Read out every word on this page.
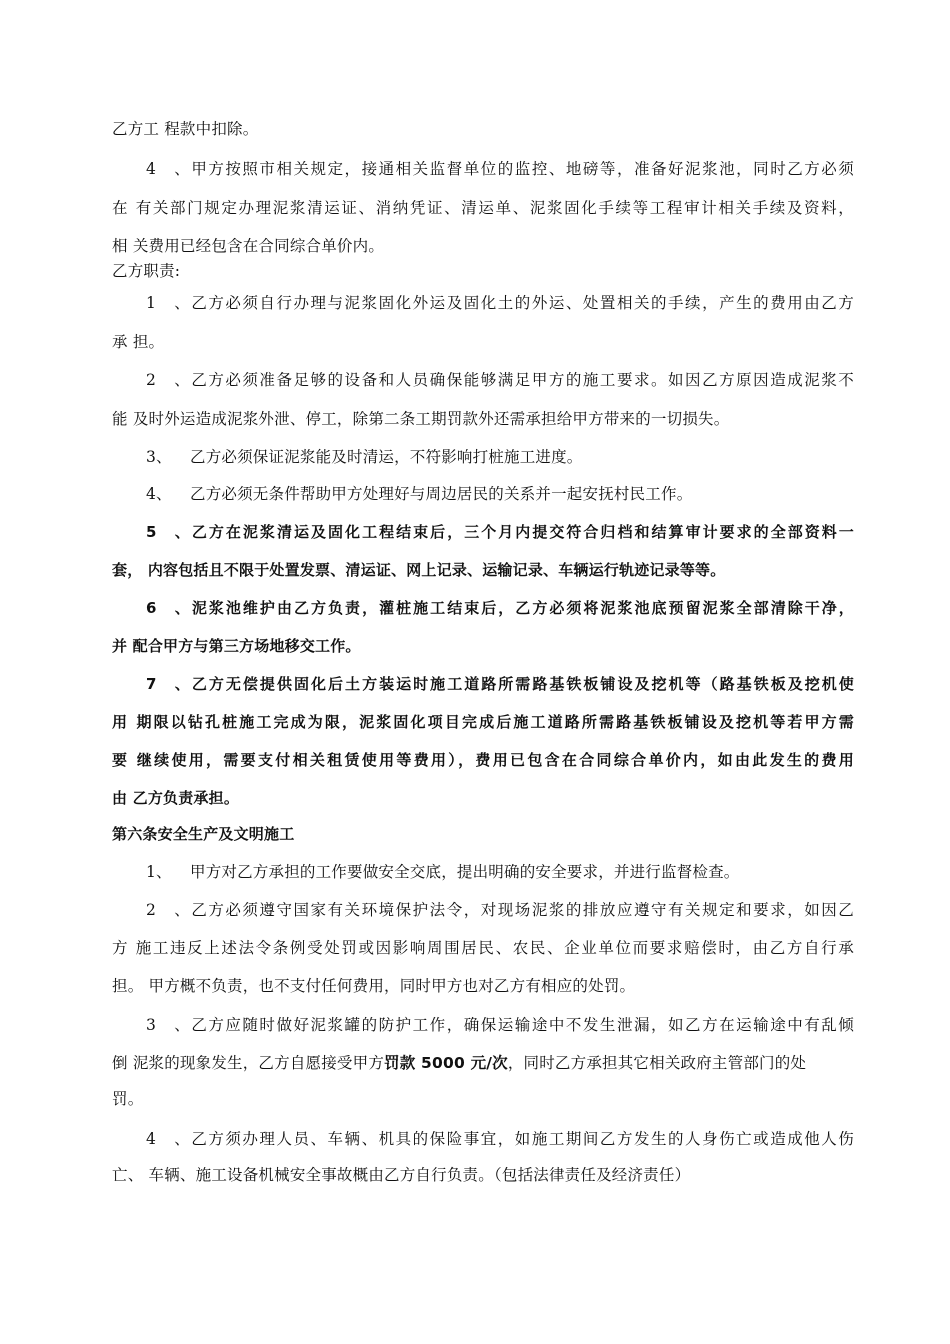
乙方工 程款中扣除。
4、甲方按照市相关规定，接通相关监督单位的监控、地磅等，准备好泥浆池，同时乙方必须
在 有关部门规定办理泥浆清运证、消纳凭证、清运单、泥浆固化手续等工程审计相关手续及资料，
相 关费用已经包含在合同综合单价内。
乙方职责:
1、乙方必须自行办理与泥浆固化外运及固化土的外运、处置相关的手续，产生的费用由乙方
承 担。
2、乙方必须准备足够的设备和人员确保能够满足甲方的施工要求。如因乙方原因造成泥浆不
能 及时外运造成泥浆外泄、停工，除第二条工期罚款外还需承担给甲方带来的一切损失。
3、 乙方必须保证泥浆能及时清运，不符影响打桩施工进度。
4、 乙方必须无条件帮助甲方处理好与周边居民的关系并一起安抚村民工作。
5、乙方在泥浆清运及固化工程结束后，三个月内提交符合归档和结算审计要求的全部资料一
套， 内容包括且不限于处置发票、清运证、网上记录、运输记录、车辆运行轨迹记录等等。
6、泥浆池维护由乙方负责，灌桩施工结束后，乙方必须将泥浆池底预留泥浆全部清除干净，
并 配合甲方与第三方场地移交工作。
7、乙方无偿提供固化后土方装运时施工道路所需路基铁板铺设及挖机等（路基铁板及挖机使
用 期限以钻孔桩施工完成为限，泥浆固化项目完成后施工道路所需路基铁板铺设及挖机等若甲方需
要 继续使用，需要支付相关租赁使用等费用），费用已包含在合同综合单价内，如由此发生的费用
由 乙方负责承担。
第六条安全生产及文明施工
1、 甲方对乙方承担的工作要做安全交底，提出明确的安全要求，并进行监督检查。
2、乙方必须遵守国家有关环境保护法令，对现场泥浆的排放应遵守有关规定和要求，如因乙
方 施工违反上述法令条例受处罚或因影响周围居民、农民、企业单位而要求赔偿时，由乙方自行承
担。 甲方概不负责，也不支付任何费用，同时甲方也对乙方有相应的处罚。
3、乙方应随时做好泥浆罐的防护工作，确保运输途中不发生泄漏，如乙方在运输途中有乱倾
倒 泥浆的现象发生，乙方自愿接受甲方罚款 5000 元/次，同时乙方承担其它相关政府主管部门的处
罚。
4、乙方须办理人员、车辆、机具的保险事宜，如施工期间乙方发生的人身伤亡或造成他人伤
亡、 车辆、施工设备机械安全事故概由乙方自行负责。（包括法律责任及经济责任）
